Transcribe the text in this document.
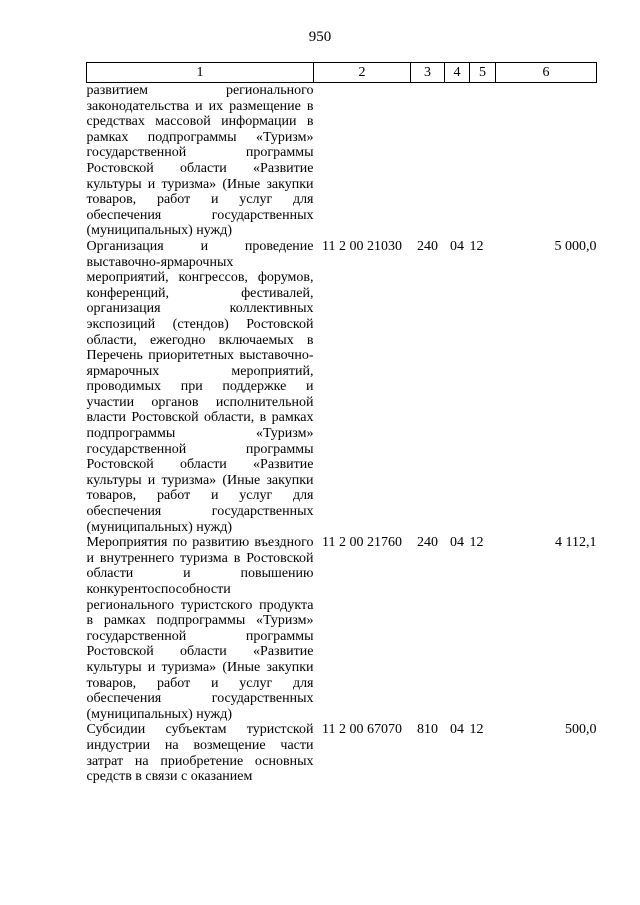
950
1	2	3	4	5	6
развитием регионального законодательства и их размещение в средствах массовой информации в рамках подпрограммы «Туризм» государственной программы Ростовской области «Развитие культуры и туризма» (Иные закупки товаров, работ и услуг для обеспечения государственных (муниципальных) нужд)					
Организация и проведение выставочно-ярмарочных мероприятий, конгрессов, форумов, конференций, фестивалей, организация коллективных экспозиций (стендов) Ростовской области, ежегодно включаемых в Перечень приоритетных выставочно-ярмарочных мероприятий, проводимых при поддержке и участии органов исполнительной власти Ростовской области, в рамках подпрограммы «Туризм» государственной программы Ростовской области «Развитие культуры и туризма» (Иные закупки товаров, работ и услуг для обеспечения государственных (муниципальных) нужд)	11 2 00 21030	240	04	12	5 000,0
Мероприятия по развитию въездного и внутреннего туризма в Ростовской области и повышению конкурентоспособности регионального туристского продукта в рамках подпрограммы «Туризм» государственной программы Ростовской области «Развитие культуры и туризма» (Иные закупки товаров, работ и услуг для обеспечения государственных (муниципальных) нужд)	11 2 00 21760	240	04	12	4 112,1
Субсидии субъектам туристской индустрии на возмещение части затрат на приобретение основных средств в связи с оказанием	11 2 00 67070	810	04	12	500,0
